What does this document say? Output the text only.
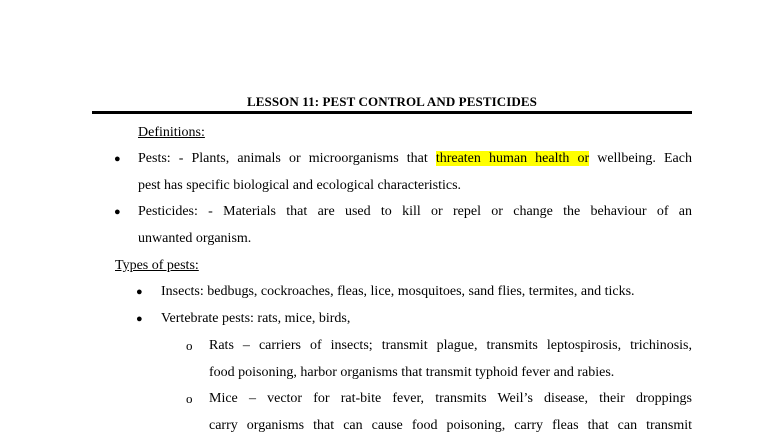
LESSON 11: PEST CONTROL AND PESTICIDES
Definitions:
● Pests: - Plants, animals or microorganisms that threaten human health or wellbeing. Each
pest has specific biological and ecological characteristics.
● Pesticides: - Materials that are used to kill or repel or change the behaviour of an
unwanted organism.
Types of pests:
● Insects: bedbugs, cockroaches, fleas, lice, mosquitoes, sand flies, termites, and ticks.
● Vertebrate pests: rats, mice, birds,
o Rats – carriers of insects; transmit plague, transmits leptospirosis, trichinosis,
food poisoning, harbor organisms that transmit typhoid fever and rabies.
o Mice – vector for rat-bite fever, transmits Weil’s disease, their droppings
carry organisms that can cause food poisoning, carry fleas that can transmit
